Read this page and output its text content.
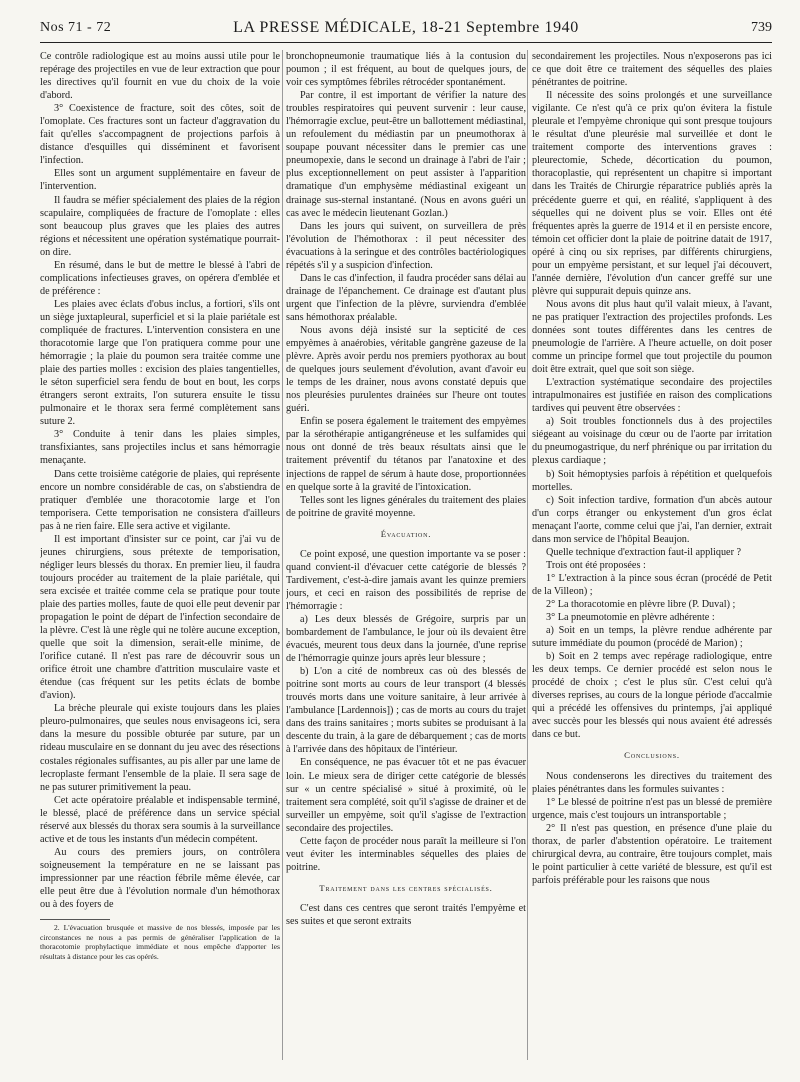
Nos 71 - 72	LA PRESSE MÉDICALE, 18-21 Septembre 1940	739

Ce contrôle radiologique est au moins aussi utile pour le repérage des projectiles en vue de leur extraction que pour les directives qu'il fournit en vue du choix de la voie d'abord.

3° Coexistence de fracture, soit des côtes, soit de l'omoplate. Ces fractures sont un facteur d'aggravation du fait qu'elles s'accompagnent de projections parfois à distance d'esquilles qui disséminent et favorisent l'infection.

Elles sont un argument supplémentaire en faveur de l'intervention.

Il faudra se méfier spécialement des plaies de la région scapulaire, compliquées de fracture de l'omoplate : elles sont beaucoup plus graves que les plaies des autres régions et nécessitent une opération systématique pourrait-on dire.

En résumé, dans le but de mettre le blessé à l'abri de complications infectieuses graves, on opérera d'emblée et de préférence :

Les plaies avec éclats d'obus inclus, a fortiori, s'ils ont un siège juxtapleural, superficiel et si la plaie pariétale est compliquée de fractures. L'intervention consistera en une thoracotomie large que l'on pratiquera comme pour une hémorragie ; la plaie du poumon sera traitée comme une plaie des parties molles : excision des plaies tangentielles, le séton superficiel sera fendu de bout en bout, les corps étrangers seront extraits, l'on suturera ensuite le tissu pulmonaire et le thorax sera fermé complètement sans suture 2.

3° Conduite à tenir dans les plaies simples, transfixiantes, sans projectiles inclus et sans hémorragie menaçante.

Dans cette troisième catégorie de plaies, qui représente encore un nombre considérable de cas, on s'abstiendra de pratiquer d'emblée une thoracotomie large et l'on temporisera. Cette temporisation ne consistera d'ailleurs pas à ne rien faire. Elle sera active et vigilante.

Il est important d'insister sur ce point, car j'ai vu de jeunes chirurgiens, sous prétexte de temporisation, négliger leurs blessés du thorax. En premier lieu, il faudra toujours procéder au traitement de la plaie pariétale, qui sera excisée et traitée comme cela se pratique pour toute plaie des parties molles, faute de quoi elle peut devenir par propagation le point de départ de l'infection secondaire de la plèvre. C'est là une règle qui ne tolère aucune exception, quelle que soit la dimension, serait-elle minime, de l'orifice cutané. Il n'est pas rare de découvrir sous un orifice étroit une chambre d'attrition musculaire vaste et étendue (cas fréquent sur les petits éclats de bombe d'avion).

La brèche pleurale qui existe toujours dans les plaies pleuro-pulmonaires, que seules nous envisageons ici, sera dans la mesure du possible obturée par suture, par un rideau musculaire en se donnant du jeu avec des résections costales régionales suffisantes, au pis aller par une lame de lecroplaste fermant l'ensemble de la plaie. Il sera sage de ne pas suturer primitivement la peau.

Cet acte opératoire préalable et indispensable terminé, le blessé, placé de préférence dans un service spécial réservé aux blessés du thorax sera soumis à la surveillance active et de tous les instants d'un médecin compétent.

Au cours des premiers jours, on contrôlera soigneusement la température en ne se laissant pas impressionner par une réaction fébrile même élevée, car elle peut être due à l'évolution normale d'un hémothorax ou à des foyers de

2. L'évacuation brusquée et massive de nos blessés, imposée par les circonstances ne nous a pas permis de généraliser l'application de la thoracotomie prophylactique immédiate et nous empêche d'apporter les résultats à distance pour les cas opérés.

bronchopneumonie traumatique liés à la contusion du poumon ; il est fréquent, au bout de quelques jours, de voir ces symptômes fébriles rétrocéder spontanément.

Par contre, il est important de vérifier la nature des troubles respiratoires qui peuvent survenir : leur cause, l'hémorragie exclue, peut-être un ballottement médiastinal, un refoulement du médiastin par un pneumothorax à soupape pouvant nécessiter dans le premier cas une pneumopexie, dans le second un drainage à l'abri de l'air ; plus exceptionnellement on peut assister à l'apparition dramatique d'un emphysème médiastinal exigeant un drainage sus-sternal instantané. (Nous en avons guéri un cas avec le médecin lieutenant Gozlan.)

Dans les jours qui suivent, on surveillera de près l'évolution de l'hémothorax : il peut nécessiter des évacuations à la seringue et des contrôles bactériologiques répétés s'il y a suspicion d'infection.

Dans le cas d'infection, il faudra procéder sans délai au drainage de l'épanchement. Ce drainage est d'autant plus urgent que l'infection de la plèvre, surviendra d'emblée sans hémothorax préalable.

Nous avons déjà insisté sur la septicité de ces empyèmes à anaérobies, véritable gangrène gazeuse de la plèvre. Après avoir perdu nos premiers pyothorax au bout de quelques jours seulement d'évolution, avant d'avoir eu le temps de les drainer, nous avons constaté depuis que nos pleurésies purulentes drainées sur l'heure ont toutes guéri.

Enfin se posera également le traitement des empyèmes par la sérothérapie antigangréneuse et les sulfamides qui nous ont donné de très beaux résultats ainsi que le traitement préventif du tétanos par l'anatoxine et des injections de rappel de sérum à haute dose, proportionnées en quelque sorte à la gravité de l'intoxication.

Telles sont les lignes générales du traitement des plaies de poitrine de gravité moyenne.

Évacuation.

Ce point exposé, une question importante va se poser : quand convient-il d'évacuer cette catégorie de blessés ? Tardivement, c'est-à-dire jamais avant les quinze premiers jours, et ceci en raison des possibilités de reprise de l'hémorragie :

a) Les deux blessés de Grégoire, surpris par un bombardement de l'ambulance, le jour où ils devaient être évacués, meurent tous deux dans la journée, d'une reprise de l'hémorragie quinze jours après leur blessure ;

b) L'on a cité de nombreux cas où des blessés de poitrine sont morts au cours de leur transport (4 blessés trouvés morts dans une voiture sanitaire, à leur arrivée à l'ambulance [Lardennois]) ; cas de morts au cours du trajet dans des trains sanitaires ; morts subites se produisant à la descente du train, à la gare de débarquement ; cas de morts à l'arrivée dans des hôpitaux de l'intérieur.

En conséquence, ne pas évacuer tôt et ne pas évacuer loin. Le mieux sera de diriger cette catégorie de blessés sur « un centre spécialisé » situé à proximité, où le traitement sera complété, soit qu'il s'agisse de drainer et de surveiller un empyème, soit qu'il s'agisse de l'extraction secondaire des projectiles.

Cette façon de procéder nous paraît la meilleure si l'on veut éviter les interminables séquelles des plaies de poitrine.

Traitement dans les centres spécialisés.

C'est dans ces centres que seront traités l'empyème et ses suites et que seront extraits

secondairement les projectiles. Nous n'exposerons pas ici ce que doit être ce traitement des séquelles des plaies pénétrantes de poitrine.

Il nécessite des soins prolongés et une surveillance vigilante. Ce n'est qu'à ce prix qu'on évitera la fistule pleurale et l'empyème chronique qui sont presque toujours le résultat d'une pleurésie mal surveillée et dont le traitement comporte des interventions graves : pleurectomie, Schede, décortication du poumon, thoracoplastie, qui représentent un chapitre si important dans les Traités de Chirurgie réparatrice publiés après la précédente guerre et qui, en réalité, s'appliquent à des séquelles qui ne doivent plus se voir. Elles ont été fréquentes après la guerre de 1914 et il en persiste encore, témoin cet officier dont la plaie de poitrine datait de 1917, opéré à cinq ou six reprises, par différents chirurgiens, pour un empyème persistant, et sur lequel j'ai découvert, l'année dernière, l'évolution d'un cancer greffé sur une plèvre qui suppurait depuis quinze ans.

Nous avons dit plus haut qu'il valait mieux, à l'avant, ne pas pratiquer l'extraction des projectiles profonds. Les données sont toutes différentes dans les centres de pneumologie de l'arrière. A l'heure actuelle, on doit poser comme un principe formel que tout projectile du poumon doit être extrait, quel que soit son siège.

L'extraction systématique secondaire des projectiles intrapulmonaires est justifiée en raison des complications tardives qui peuvent être observées :

a) Soit troubles fonctionnels dus à des projectiles siégeant au voisinage du cœur ou de l'aorte par irritation du pneumogastrique, du nerf phrénique ou par irritation du plexus cardiaque ;

b) Soit hémoptysies parfois à répétition et quelquefois mortelles.

c) Soit infection tardive, formation d'un abcès autour d'un corps étranger ou enkystement d'un gros éclat menaçant l'aorte, comme celui que j'ai, l'an dernier, extrait dans mon service de l'hôpital Beaujon.

Quelle technique d'extraction faut-il appliquer ?

Trois ont été proposées :

1° L'extraction à la pince sous écran (procédé de Petit de la Villeon) ;

2° La thoracotomie en plèvre libre (P. Duval) ;

3° La pneumotomie en plèvre adhérente :

a) Soit en un temps, la plèvre rendue adhérente par suture immédiate du poumon (procédé de Marion) ;

b) Soit en 2 temps avec repérage radiologique, entre les deux temps. Ce dernier procédé est selon nous le procédé de choix ; c'est le plus sûr. C'est celui qu'à diverses reprises, au cours de la longue période d'accalmie qui a précédé les offensives du printemps, j'ai appliqué avec succès pour les blessés qui nous avaient été adressés dans ce but.

Conclusions.

Nous condenserons les directives du traitement des plaies pénétrantes dans les formules suivantes :

1° Le blessé de poitrine n'est pas un blessé de première urgence, mais c'est toujours un intransportable ;

2° Il n'est pas question, en présence d'une plaie du thorax, de parler d'abstention opératoire. Le traitement chirurgical devra, au contraire, être toujours complet, mais le point particulier à cette variété de blessure, est qu'il est parfois préférable pour les raisons que nous
